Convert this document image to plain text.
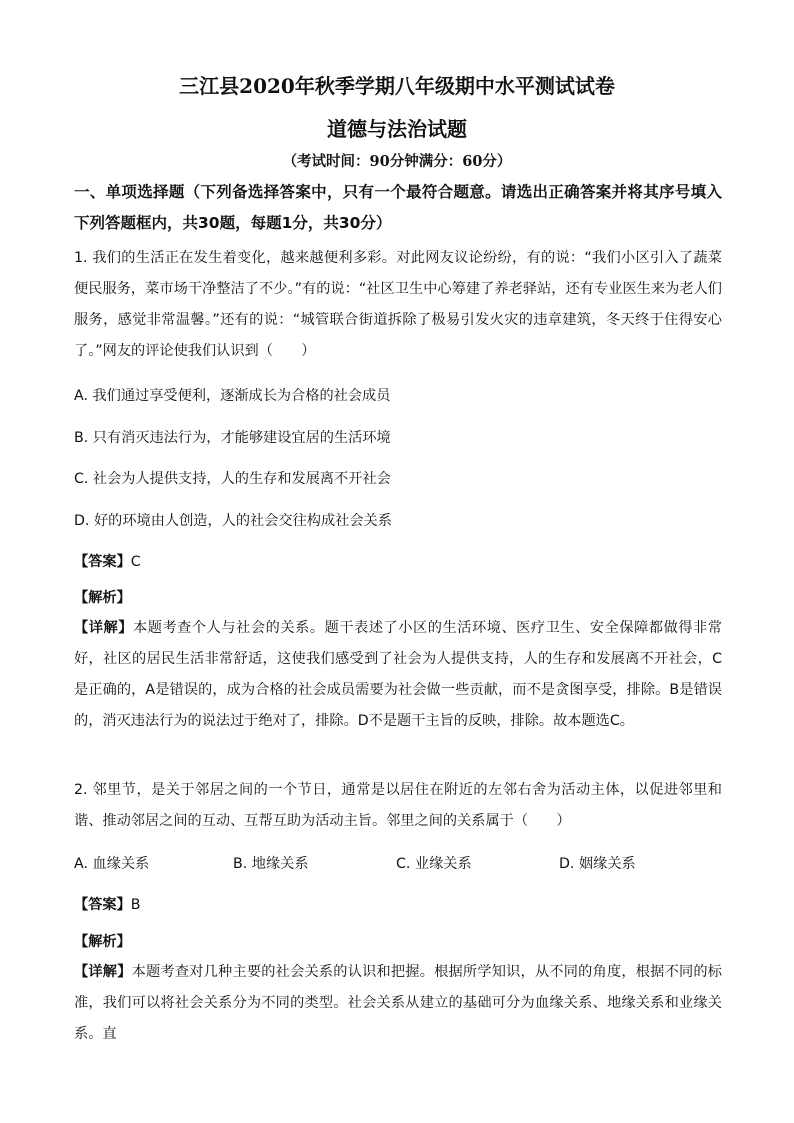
三江县2020年秋季学期八年级期中水平测试试卷
道德与法治试题
（考试时间：90分钟满分：60分）
一、单项选择题（下列备选择答案中，只有一个最符合题意。请选出正确答案并将其序号填入下列答题框内，共30题，每题1分，共30分）
1. 我们的生活正在发生着变化，越来越便利多彩。对此网友议论纷纷，有的说：“我们小区引入了蔬菜便民服务，菜市场干净整洁了不少。”有的说：“社区卫生中心筹建了养老驿站，还有专业医生来为老人们服务，感觉非常温馨。”还有的说：“城管联合街道拆除了极易引发火灾的违章建筑，冬天终于住得安心了。”网友的评论使我们认识到（　　）
A. 我们通过享受便利，逐渐成长为合格的社会成员
B. 只有消灭违法行为，才能够建设宜居的生活环境
C. 社会为人提供支持，人的生存和发展离不开社会
D. 好的环境由人创造，人的社会交往构成社会关系
【答案】C
【解析】
【详解】本题考查个人与社会的关系。题干表述了小区的生活环境、医疗卫生、安全保障都做得非常好，社区的居民生活非常舒适，这使我们感受到了社会为人提供支持，人的生存和发展离不开社会，C是正确的，A是错误的，成为合格的社会成员需要为社会做一些贡献，而不是贪图享受，排除。B是错误的，消灭违法行为的说法过于绝对了，排除。D不是题干主旨的反映，排除。故本题选C。
2. 邻里节，是关于邻居之间的一个节日，通常是以居住在附近的左邻右舍为活动主体，以促进邻里和谐、推动邻居之间的互动、互帮互助为活动主旨。邻里之间的关系属于（　　）
A. 血缘关系	B. 地缘关系	C. 业缘关系	D. 姻缘关系
【答案】B
【解析】
【详解】本题考查对几种主要的社会关系的认识和把握。根据所学知识，从不同的角度，根据不同的标准，我们可以将社会关系分为不同的类型。社会关系从建立的基础可分为血缘关系、地缘关系和业缘关系。直
